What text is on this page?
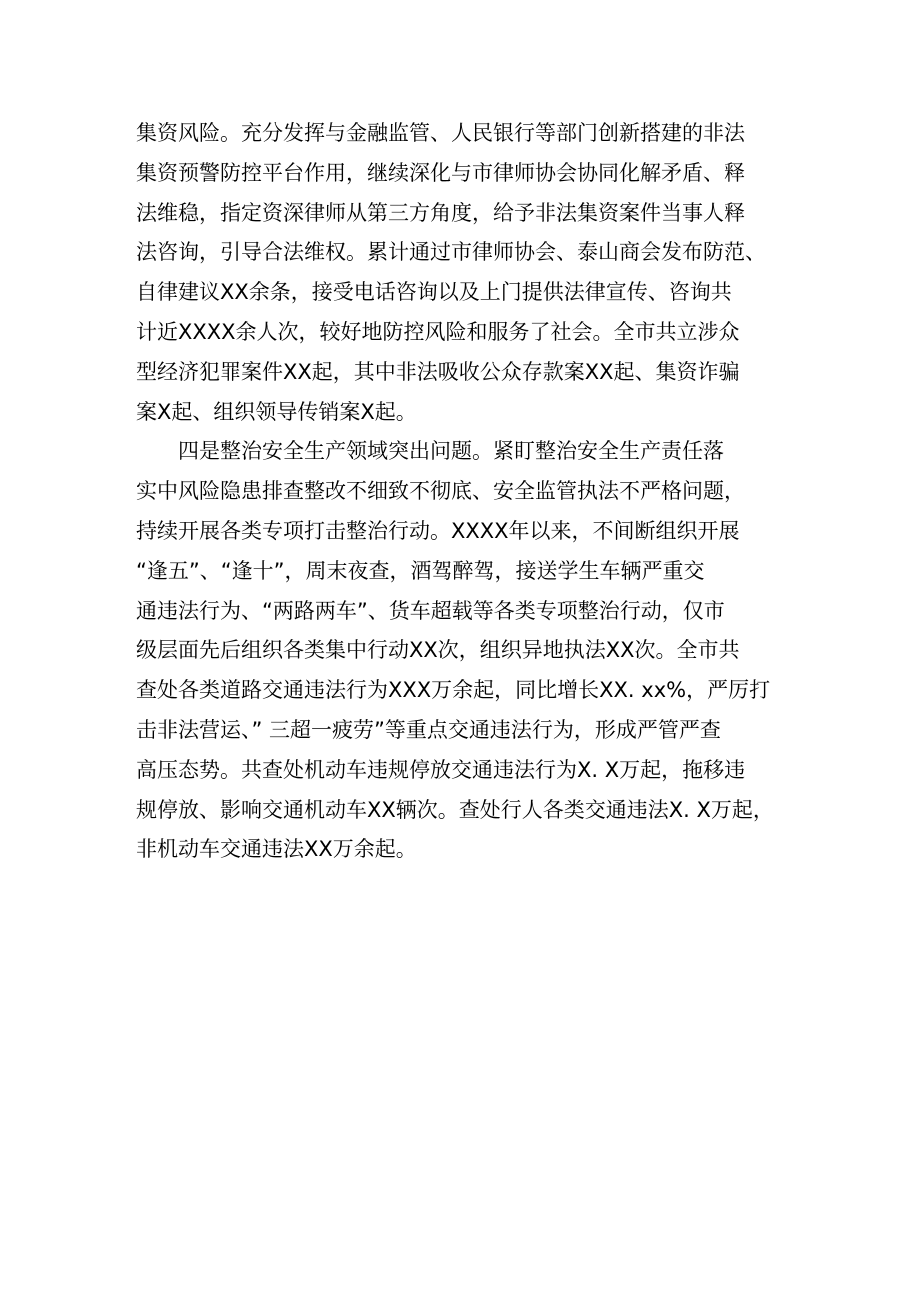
集资风险。充分发挥与金融监管、人民银行等部门创新搭建的非法
集资预警防控平台作用，继续深化与市律师协会协同化解矛盾、释
法维稳，指定资深律师从第三方角度，给予非法集资案件当事人释
法咨询，引导合法维权。累计通过市律师协会、泰山商会发布防范、
自律建议XX余条，接受电话咨询以及上门提供法律宣传、咨询共
计近XXXX余人次，较好地防控风险和服务了社会。全市共立涉众
型经济犯罪案件XX起，其中非法吸收公众存款案XX起、集资诈骗
案X起、组织领导传销案X起。
　　四是整治安全生产领域突出问题。紧盯整治安全生产责任落
实中风险隐患排查整改不细致不彻底、安全监管执法不严格问题，
持续开展各类专项打击整治行动。XXXX年以来，不间断组织开展
“逢五”、“逢十”，周末夜查，酒驾醉驾，接送学生车辆严重交
通违法行为、“两路两车”、货车超载等各类专项整治行动，仅市
级层面先后组织各类集中行动XX次，组织异地执法XX次。全市共
查处各类道路交通违法行为XXX万余起，同比增长XX. xx%，严厉打
击非法营运、” 三超一疲劳”等重点交通违法行为，形成严管严查
高压态势。共查处机动车违规停放交通违法行为X. X万起，拖移违
规停放、影响交通机动车XX辆次。查处行人各类交通违法X. X万起，
非机动车交通违法XX万余起。
